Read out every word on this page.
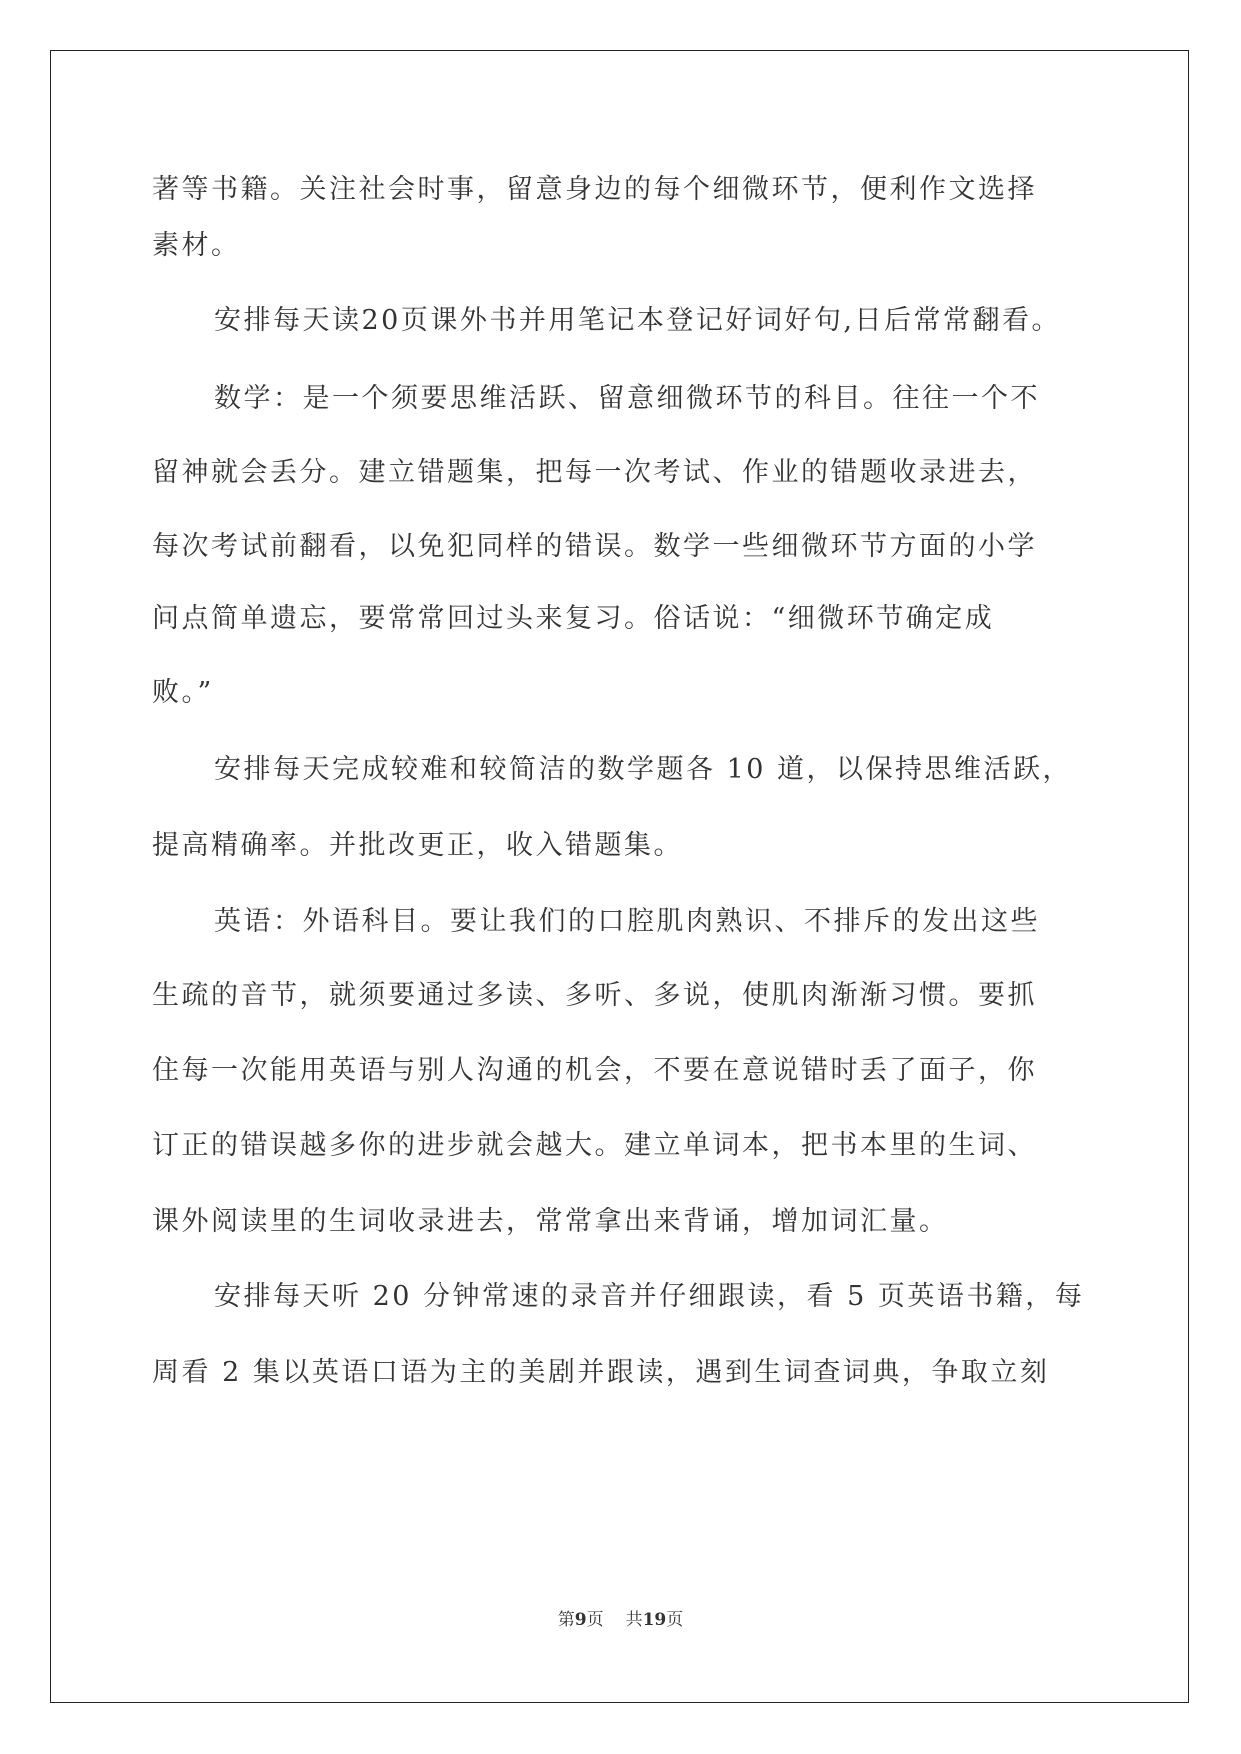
著等书籍。关注社会时事，留意身边的每个细微环节，便利作文选择
素材。
安排每天读20页课外书并用笔记本登记好词好句,日后常常翻看。
数学：是一个须要思维活跃、留意细微环节的科目。往往一个不
留神就会丢分。建立错题集，把每一次考试、作业的错题收录进去，
每次考试前翻看，以免犯同样的错误。数学一些细微环节方面的小学
问点简单遗忘，要常常回过头来复习。俗话说：“细微环节确定成
败。”
安排每天完成较难和较简洁的数学题各 10 道，以保持思维活跃，
提高精确率。并批改更正，收入错题集。
英语：外语科目。要让我们的口腔肌肉熟识、不排斥的发出这些
生疏的音节，就须要通过多读、多听、多说，使肌肉渐渐习惯。要抓
住每一次能用英语与别人沟通的机会，不要在意说错时丢了面子，你
订正的错误越多你的进步就会越大。建立单词本，把书本里的生词、
课外阅读里的生词收录进去，常常拿出来背诵，增加词汇量。
安排每天听 20 分钟常速的录音并仔细跟读，看 5 页英语书籍，每
周看 2 集以英语口语为主的美剧并跟读，遇到生词查词典，争取立刻
第9页 共19页
